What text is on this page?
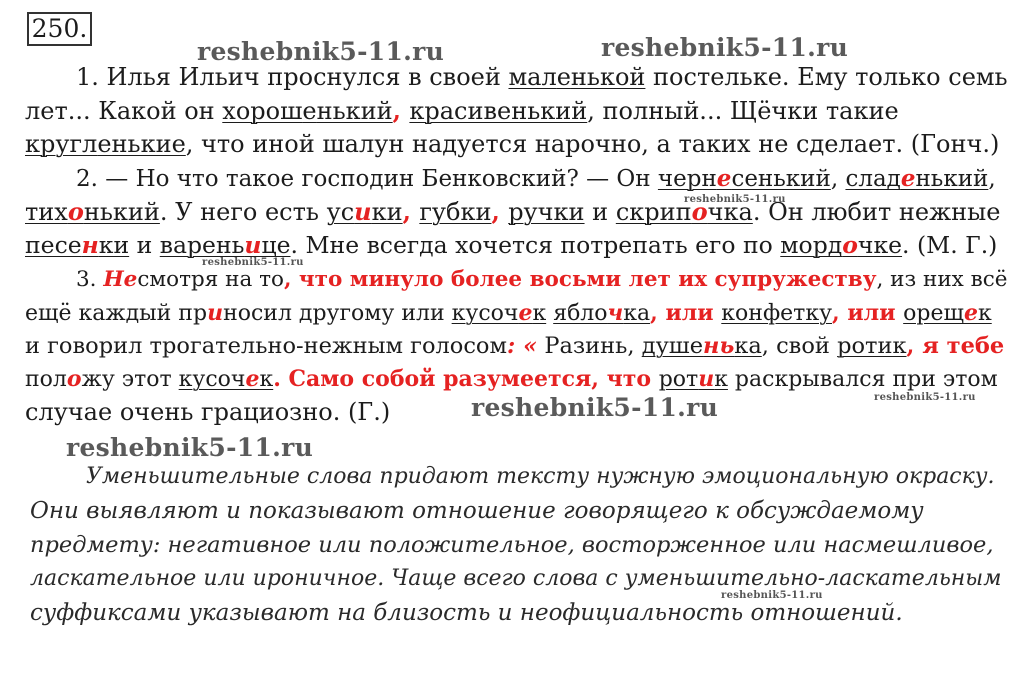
250.
reshebnik5-11.ru	reshebnik5-11.ru
reshebnik5-11.ru
reshebnik5-11.ru
reshebnik5-11.ru	reshebnik5-11.ru
reshebnik5-11.ru
reshebnik5-11.ru
1. Илья Ильич проснулся в своей маленькой постельке. Ему только семь
лет... Какой он хорошенький, красивенький, полный... Щёчки такие
кругленькие, что иной шалун надуется нарочно, а таких не сделает. (Гонч.)
2. — Но что такое господин Бенковский? — Он чернесенький, сладенький,
тихонький. У него есть усики, губки, ручки и скрипочка. Он любит нежные
песенки и вареньице. Мне всегда хочется потрепать его по мордочке. (М. Г.)
3. Несмотря на то, что минуло более восьми лет их супружеству, из них всё
ещё каждый приносил другому или кусочек яблочка, или конфетку, или орещек
и говорил трогательно-нежным голосом: « Разинь, душенька, свой ротик, я тебе
положу этот кусочек. Само собой разумеется, что ротик раскрывался при этом
случае очень грациозно. (Г.)
Уменьшительные слова придают тексту нужную эмоциональную окраску.
Они выявляют и показывают отношение говорящего к обсуждаемому
предмету: негативное или положительное, восторженное или насмешливое,
ласкательное или ироничное. Чаще всего слова с уменьшительно-ласкательным
суффиксами указывают на близость и неофициальность отношений.
